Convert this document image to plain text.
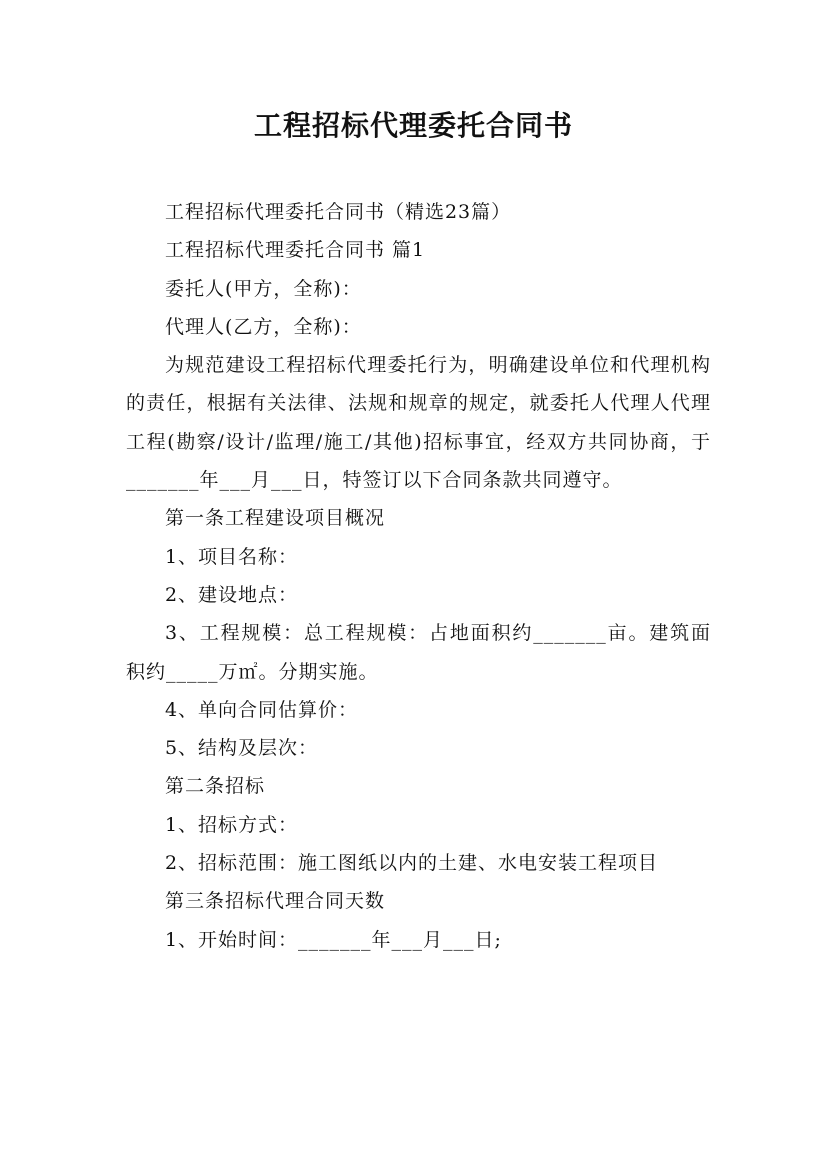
工程招标代理委托合同书

工程招标代理委托合同书（精选23篇）

工程招标代理委托合同书 篇1

委托人(甲方，全称)：

代理人(乙方，全称)：

为规范建设工程招标代理委托行为，明确建设单位和代理机构的责任，根据有关法律、法规和规章的规定，就委托人代理人代理工程(勘察/设计/监理/施工/其他)招标事宜，经双方共同协商，于_______年___月___日，特签订以下合同条款共同遵守。

第一条工程建设项目概况

1、项目名称：

2、建设地点：

3、工程规模：总工程规模：占地面积约_______亩。建筑面积约_____万㎡。分期实施。

4、单向合同估算价：

5、结构及层次：

第二条招标

1、招标方式：

2、招标范围：施工图纸以内的土建、水电安装工程项目

第三条招标代理合同天数

1、开始时间：_______年___月___日;
